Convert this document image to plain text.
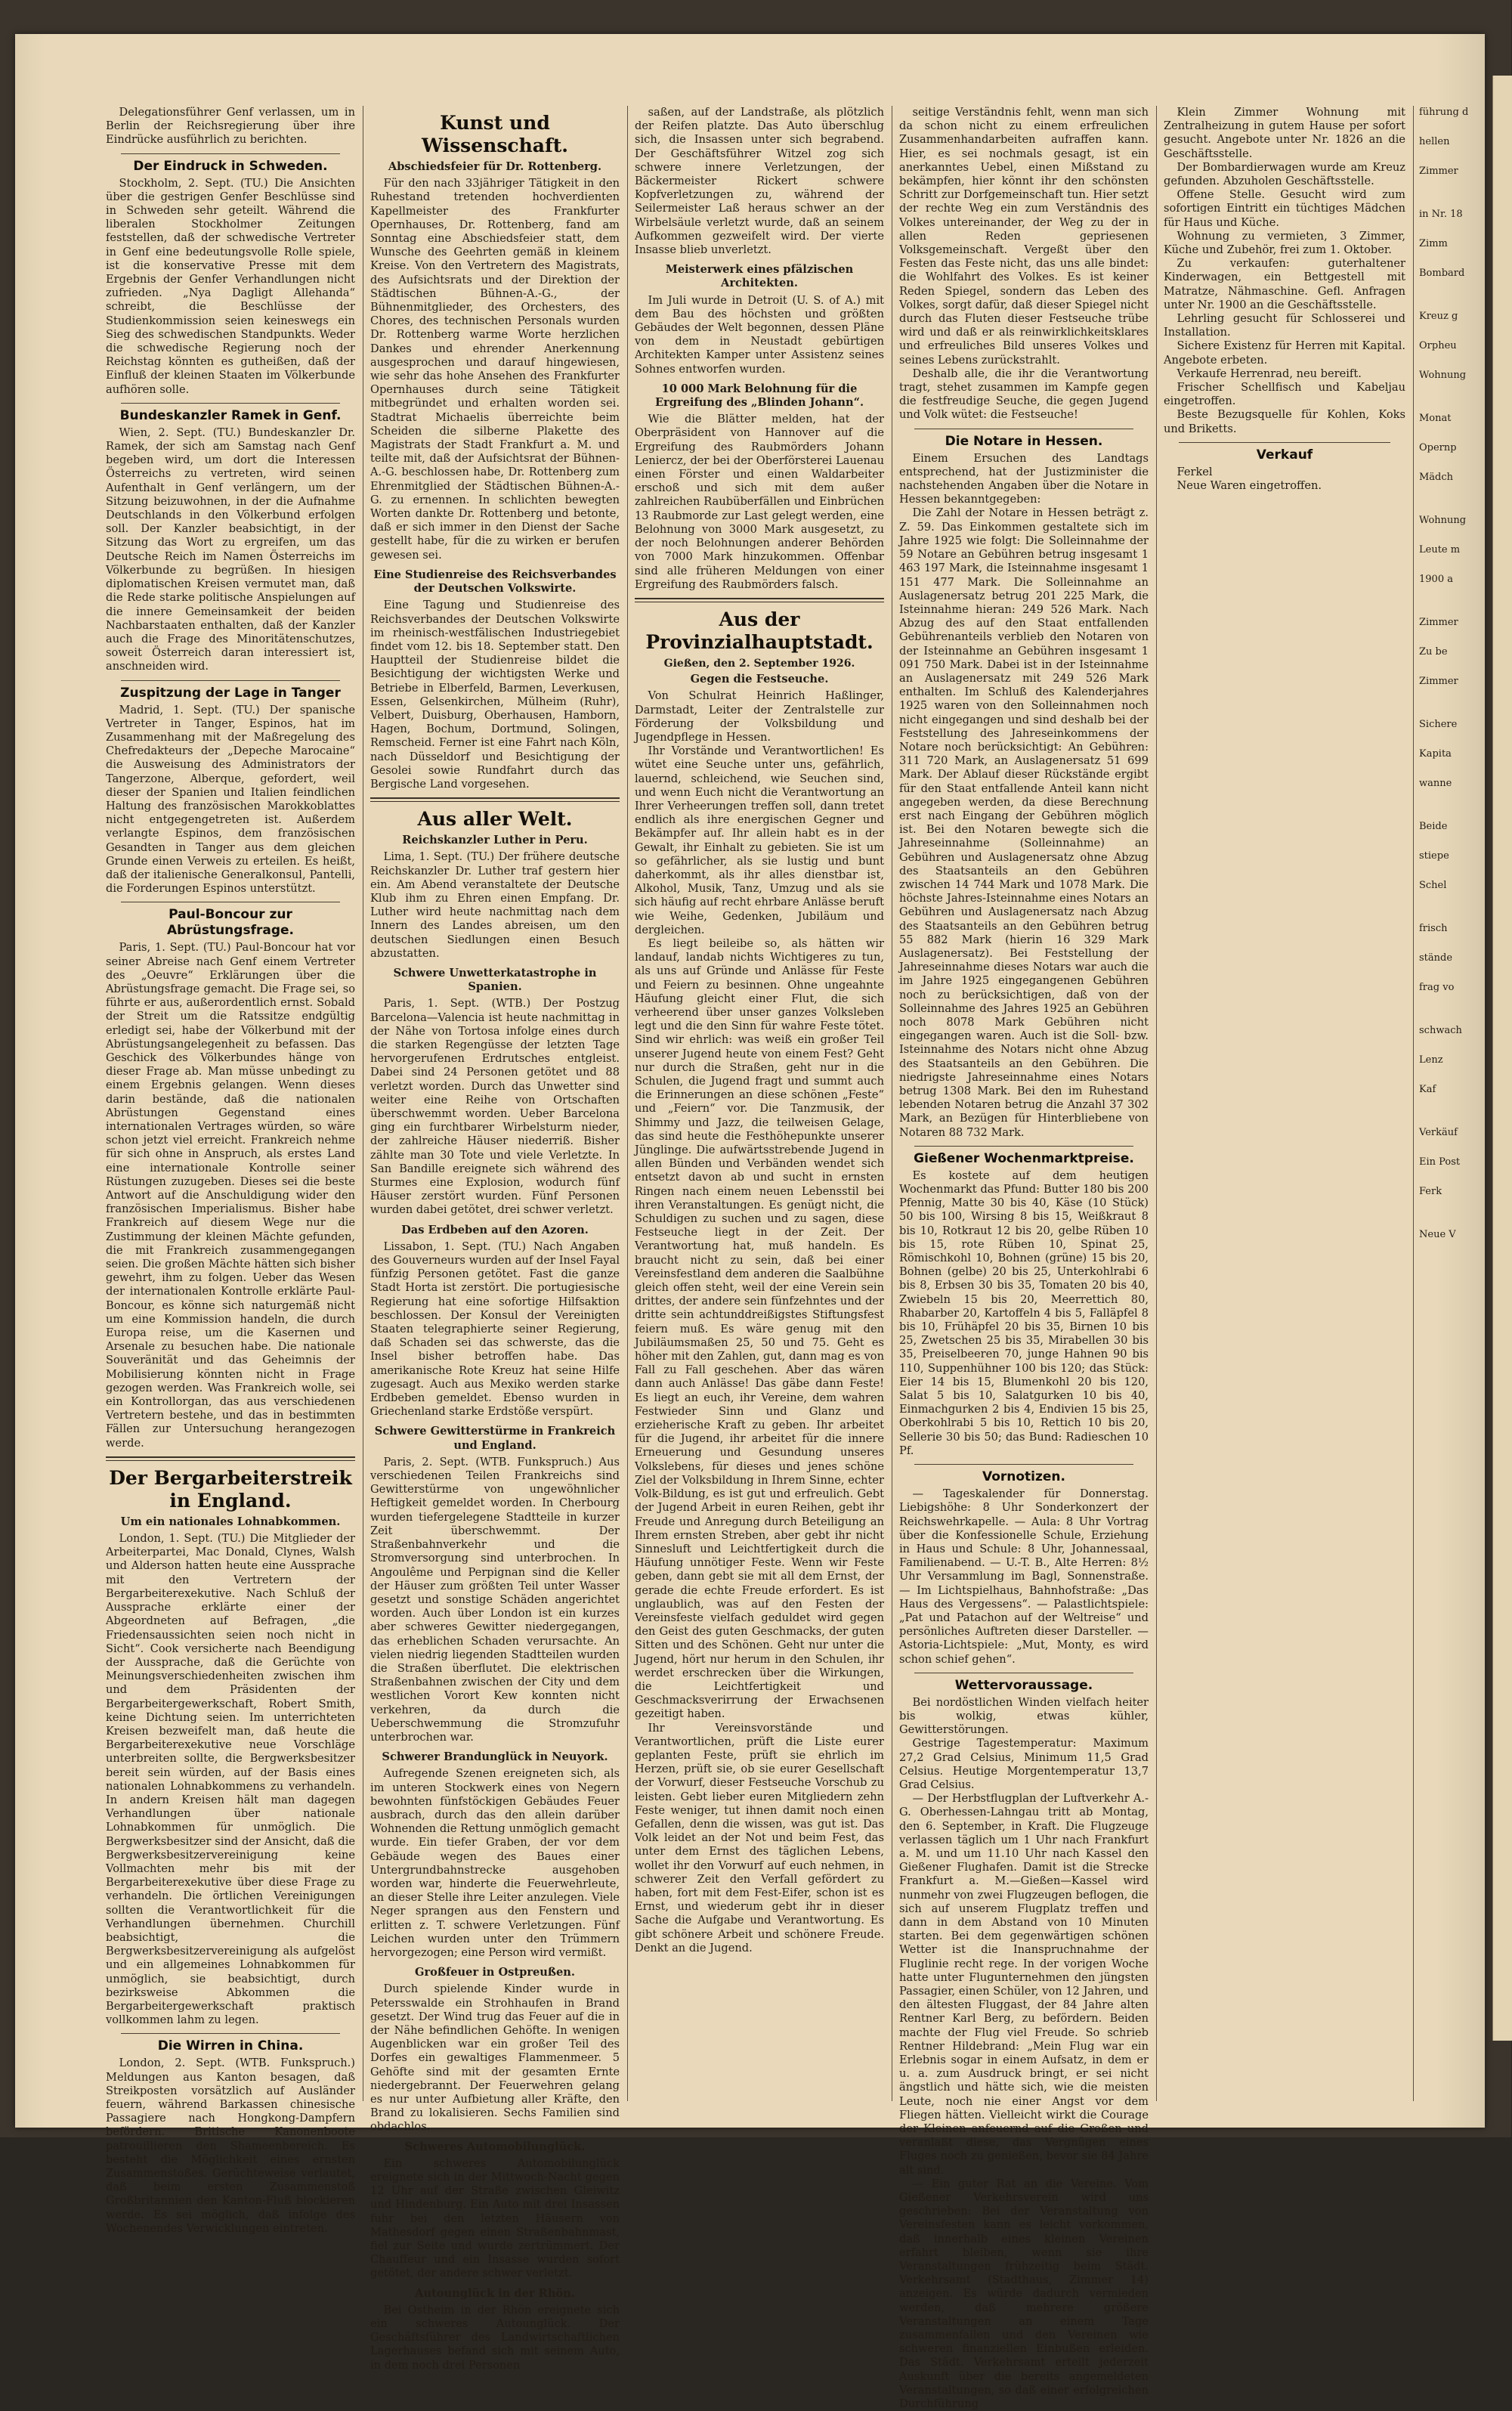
Delegationsführer Genf verlassen, um in Berlin der Reichsregierung über ihre Eindrücke ausführlich zu berichten.

Der Eindruck in Schweden.

Stockholm, 2. Sept. (TU.) Die Ansichten über die gestrigen Genfer Beschlüsse sind in Schweden sehr geteilt. Während die liberalen Stockholmer Zeitungen feststellen, daß der schwedische Vertreter in Genf eine bedeutungsvolle Rolle spiele, ist die konservative Presse mit dem Ergebnis der Genfer Verhandlungen nicht zufrieden. „Nya Dagligt Allehanda“ schreibt, die Beschlüsse der Studienkommission seien keineswegs ein Sieg des schwedischen Standpunkts. Weder die schwedische Regierung noch der Reichstag könnten es gutheißen, daß der Einfluß der kleinen Staaten im Völkerbunde aufhören solle.

Bundeskanzler Ramek in Genf.

Wien, 2. Sept. (TU.) Bundeskanzler Dr. Ramek, der sich am Samstag nach Genf begeben wird, um dort die Interessen Österreichs zu vertreten, wird seinen Aufenthalt in Genf verlängern, um der Sitzung beizuwohnen, in der die Aufnahme Deutschlands in den Völkerbund erfolgen soll. Der Kanzler beabsichtigt, in der Sitzung das Wort zu ergreifen, um das Deutsche Reich im Namen Österreichs im Völkerbunde zu begrüßen. In hiesigen diplomatischen Kreisen vermutet man, daß die Rede starke politische Anspielungen auf die innere Gemeinsamkeit der beiden Nachbarstaaten enthalten, daß der Kanzler auch die Frage des Minoritätenschutzes, soweit Österreich daran interessiert ist, anschneiden wird.

Zuspitzung der Lage in Tanger

Madrid, 1. Sept. (TU.) Der spanische Vertreter in Tanger, Espinos, hat im Zusammenhang mit der Maßregelung des Chefredakteurs der „Depeche Marocaine“ die Ausweisung des Administrators der Tangerzone, Alberque, gefordert, weil dieser der Spanien und Italien feindlichen Haltung des französischen Marokkoblattes nicht entgegengetreten ist. Außerdem verlangte Espinos, dem französischen Gesandten in Tanger aus dem gleichen Grunde einen Verweis zu erteilen. Es heißt, daß der italienische Generalkonsul, Pantelli, die Forderungen Espinos unterstützt.

Paul-Boncour zur Abrüstungsfrage.

Paris, 1. Sept. (TU.) Paul-Boncour hat vor seiner Abreise nach Genf einem Vertreter des „Oeuvre“ Erklärungen über die Abrüstungsfrage gemacht. Die Frage sei, so führte er aus, außerordentlich ernst. Sobald der Streit um die Ratssitze endgültig erledigt sei, habe der Völkerbund mit der Abrüstungsangelegenheit zu befassen. Das Geschick des Völkerbundes hänge von dieser Frage ab. Man müsse unbedingt zu einem Ergebnis gelangen. Wenn dieses darin bestände, daß die nationalen Abrüstungen Gegenstand eines internationalen Vertrages würden, so wäre schon jetzt viel erreicht. Frankreich nehme für sich ohne in Anspruch, als erstes Land eine internationale Kontrolle seiner Rüstungen zuzugeben. Dieses sei die beste Antwort auf die Anschuldigung wider den französischen Imperialismus. Bisher habe Frankreich auf diesem Wege nur die Zustimmung der kleinen Mächte gefunden, die mit Frankreich zusammengegangen seien. Die großen Mächte hätten sich bisher gewehrt, ihm zu folgen. Ueber das Wesen der internationalen Kontrolle erklärte Paul-Boncour, es könne sich naturgemäß nicht um eine Kommission handeln, die durch Europa reise, um die Kasernen und Arsenale zu besuchen habe. Die nationale Souveränität und das Geheimnis der Mobilisierung könnten nicht in Frage gezogen werden. Was Frankreich wolle, sei ein Kontrollorgan, das aus verschiedenen Vertretern bestehe, und das in bestimmten Fällen zur Untersuchung herangezogen werde.

Der Bergarbeiterstreik in England.
Um ein nationales Lohnabkommen.

London, 1. Sept. (TU.) Die Mitglieder der Arbeiterpartei, Mac Donald, Clynes, Walsh und Alderson hatten heute eine Aussprache mit den Vertretern der Bergarbeiterexekutive. Nach Schluß der Aussprache erklärte einer der Abgeordneten auf Befragen, „die Friedensaussichten seien noch nicht in Sicht“. Cook versicherte nach Beendigung der Aussprache, daß die Gerüchte von Meinungsverschiedenheiten zwischen ihm und dem Präsidenten der Bergarbeitergewerkschaft, Robert Smith, keine Dichtung seien. Im unterrichteten Kreisen bezweifelt man, daß heute die Bergarbeiterexekutive neue Vorschläge unterbreiten sollte, die Bergwerksbesitzer bereit sein würden, auf der Basis eines nationalen Lohnabkommens zu verhandeln. In andern Kreisen hält man dagegen Verhandlungen über nationale Lohnabkommen für unmöglich. Die Bergwerksbesitzer sind der Ansicht, daß die Bergwerksbesitzervereinigung keine Vollmachten mehr bis mit der Bergarbeiterexekutive über diese Frage zu verhandeln. Die örtlichen Vereinigungen sollten die Verantwortlichkeit für die Verhandlungen übernehmen. Churchill beabsichtigt, die Bergwerksbesitzervereinigung als aufgelöst und ein allgemeines Lohnabkommen für unmöglich, sie beabsichtigt, durch bezirksweise Abkommen die Bergarbeitergewerkschaft praktisch vollkommen lahm zu legen.

Die Wirren in China.

London, 2. Sept. (WTB. Funkspruch.) Meldungen aus Kanton besagen, daß Streikposten vorsätzlich auf Ausländer feuern, während Barkassen chinesische Passagiere nach Hongkong-Dampfern befördern. Britische Kanonenboote patrouillieren den Shameenbereich. Es besteht die Möglichkeit eines ernsten Zusammenstoßes. Gerüchteweise verlautet, daß beim ersten Zusammenstoß Großbritannien den Kanton-Fluß blockieren werde. Es sei möglich, daß infolge des Wochenendes Verwicklungen eintreten.

Kunst und Wissenschaft.
Abschiedsfeier für Dr. Rottenberg.

Für den nach 33jähriger Tätigkeit in den Ruhestand tretenden hochverdienten Kapellmeister des Frankfurter Opernhauses, Dr. Rottenberg, fand am Sonntag eine Abschiedsfeier statt, dem Wunsche des Geehrten gemäß in kleinem Kreise. Von den Vertretern des Magistrats, des Aufsichtsrats und der Direktion der Städtischen Bühnen-A.-G., der Bühnenmitglieder, des Orchesters, des Chores, des technischen Personals wurden Dr. Rottenberg warme Worte herzlichen Dankes und ehrender Anerkennung ausgesprochen und darauf hingewiesen, wie sehr das hohe Ansehen des Frankfurter Opernhauses durch seine Tätigkeit mitbegründet und erhalten worden sei. Stadtrat Michaelis überreichte beim Scheiden die silberne Plakette des Magistrats der Stadt Frankfurt a. M. und teilte mit, daß der Aufsichtsrat der Bühnen-A.-G. beschlossen habe, Dr. Rottenberg zum Ehrenmitglied der Städtischen Bühnen-A.-G. zu ernennen. In schlichten bewegten Worten dankte Dr. Rottenberg und betonte, daß er sich immer in den Dienst der Sache gestellt habe, für die zu wirken er berufen gewesen sei.

Eine Studienreise des Reichsverbandes der Deutschen Volkswirte.

Eine Tagung und Studienreise des Reichsverbandes der Deutschen Volkswirte im rheinisch-westfälischen Industriegebiet findet vom 12. bis 18. September statt. Den Hauptteil der Studienreise bildet die Besichtigung der wichtigsten Werke und Betriebe in Elberfeld, Barmen, Leverkusen, Essen, Gelsenkirchen, Mülheim (Ruhr), Velbert, Duisburg, Oberhausen, Hamborn, Hagen, Bochum, Dortmund, Solingen, Remscheid. Ferner ist eine Fahrt nach Köln, nach Düsseldorf und Besichtigung der Gesolei sowie Rundfahrt durch das Bergische Land vorgesehen.

Aus aller Welt.
Reichskanzler Luther in Peru.

Lima, 1. Sept. (TU.) Der frühere deutsche Reichskanzler Dr. Luther traf gestern hier ein. Am Abend veranstaltete der Deutsche Klub ihm zu Ehren einen Empfang. Dr. Luther wird heute nachmittag nach dem Innern des Landes abreisen, um den deutschen Siedlungen einen Besuch abzustatten.

Schwere Unwetterkatastrophe in Spanien.

Paris, 1. Sept. (WTB.) Der Postzug Barcelona—Valencia ist heute nachmittag in der Nähe von Tortosa infolge eines durch die starken Regengüsse der letzten Tage hervorgerufenen Erdrutsches entgleist. Dabei sind 24 Personen getötet und 88 verletzt worden. Durch das Unwetter sind weiter eine Reihe von Ortschaften überschwemmt worden. Ueber Barcelona ging ein furchtbarer Wirbelsturm nieder, der zahlreiche Häuser niederriß. Bisher zählte man 30 Tote und viele Verletzte. In San Bandille ereignete sich während des Sturmes eine Explosion, wodurch fünf Häuser zerstört wurden. Fünf Personen wurden dabei getötet, drei schwer verletzt.

Das Erdbeben auf den Azoren.

Lissabon, 1. Sept. (TU.) Nach Angaben des Gouverneurs wurden auf der Insel Fayal fünfzig Personen getötet. Fast die ganze Stadt Horta ist zerstört. Die portugiesische Regierung hat eine sofortige Hilfsaktion beschlossen. Der Konsul der Vereinigten Staaten telegraphierte seiner Regierung, daß Schaden sei das schwerste, das die Insel bisher betroffen habe. Das amerikanische Rote Kreuz hat seine Hilfe zugesagt. Auch aus Mexiko werden starke Erdbeben gemeldet. Ebenso wurden in Griechenland starke Erdstöße verspürt.

Schwere Gewitterstürme in Frankreich und England.

Paris, 2. Sept. (WTB. Funkspruch.) Aus verschiedenen Teilen Frankreichs sind Gewitterstürme von ungewöhnlicher Heftigkeit gemeldet worden. In Cherbourg wurden tiefergelegene Stadtteile in kurzer Zeit überschwemmt. Der Straßenbahnverkehr und die Stromversorgung sind unterbrochen. In Angoulême und Perpignan sind die Keller der Häuser zum größten Teil unter Wasser gesetzt und sonstige Schäden angerichtet worden. Auch über London ist ein kurzes aber schweres Gewitter niedergegangen, das erheblichen Schaden verursachte. An vielen niedrig liegenden Stadtteilen wurden die Straßen überflutet. Die elektrischen Straßenbahnen zwischen der City und dem westlichen Vorort Kew konnten nicht verkehren, da durch die Ueberschwemmung die Stromzufuhr unterbrochen war.

Schwerer Brandunglück in Neuyork.

Aufregende Szenen ereigneten sich, als im unteren Stockwerk eines von Negern bewohnten fünfstöckigen Gebäudes Feuer ausbrach, durch das den allein darüber Wohnenden die Rettung unmöglich gemacht wurde. Ein tiefer Graben, der vor dem Gebäude wegen des Baues einer Untergrundbahnstrecke ausgehoben worden war, hinderte die Feuerwehrleute, an dieser Stelle ihre Leiter anzulegen. Viele Neger sprangen aus den Fenstern und erlitten z. T. schwere Verletzungen. Fünf Leichen wurden unter den Trümmern hervorgezogen; eine Person wird vermißt.

Großfeuer in Ostpreußen.

Durch spielende Kinder wurde in Petersswalde ein Strohhaufen in Brand gesetzt. Der Wind trug das Feuer auf die in der Nähe befindlichen Gehöfte. In wenigen Augenblicken war ein großer Teil des Dorfes ein gewaltiges Flammenmeer. 5 Gehöfte sind mit der gesamten Ernte niedergebrannt. Der Feuerwehren gelang es nur unter Aufbietung aller Kräfte, den Brand zu lokalisieren. Sechs Familien sind obdachlos.

Schweres Automobilunglück.

Ein schweres Automobilunglück ereignete sich in der Mittwoch-Nacht gegen 12 Uhr auf der Straße zwischen Gleiwitz und Hindenburg. Ein Auto mit drei Insassen fuhr bei den letzten Häusern von Mathesdorf gegen einen Straßenbahnmast, fiel zur Seite und wurde zertrümmert. Der Chauffeur und ein Insasse wurden sofort getötet, der andere schwer verletzt.

Autounglück in der Rhön.

Bei Ostheim in der Rhön ereignete sich ein schweres Autounglück. Der Geschäftsführer des Landwirtschaftlichen Lagerhauses befand sich mit seinem Auto, in dem noch drei Personen

saßen, auf der Landstraße, als plötzlich der Reifen platzte. Das Auto überschlug sich, die Insassen unter sich begrabend. Der Geschäftsführer Witzel zog sich schwere innere Verletzungen, der Bäckermeister Rickert schwere Kopfverletzungen zu, während der Seilermeister Laß heraus schwer an der Wirbelsäule verletzt wurde, daß an seinem Aufkommen gezweifelt wird. Der vierte Insasse blieb unverletzt.

Meisterwerk eines pfälzischen Architekten.

Im Juli wurde in Detroit (U. S. of A.) mit dem Bau des höchsten und größten Gebäudes der Welt begonnen, dessen Pläne von dem in Neustadt gebürtigen Architekten Kamper unter Assistenz seines Sohnes entworfen wurden.

10 000 Mark Belohnung für die Ergreifung des „Blinden Johann“.

Wie die Blätter melden, hat der Oberpräsident von Hannover auf die Ergreifung des Raubmörders Johann Leniercz, der bei der Oberförsterei Lauenau einen Förster und einen Waldarbeiter erschoß und sich mit dem außer zahlreichen Raubüberfällen und Einbrüchen 13 Raubmorde zur Last gelegt werden, eine Belohnung von 3000 Mark ausgesetzt, zu der noch Belohnungen anderer Behörden von 7000 Mark hinzukommen. Offenbar sind alle früheren Meldungen von einer Ergreifung des Raubmörders falsch.

Aus der Provinzialhauptstadt.
Gießen, den 2. September 1926.
Gegen die Festseuche.

Von Schulrat Heinrich Haßlinger, Darmstadt, Leiter der Zentralstelle zur Förderung der Volksbildung und Jugendpflege in Hessen.

Ihr Vorstände und Verantwortlichen! Es wütet eine Seuche unter uns, gefährlich, lauernd, schleichend, wie Seuchen sind, und wenn Euch nicht die Verantwortung an Ihrer Verheerungen treffen soll, dann tretet endlich als ihre energischen Gegner und Bekämpfer auf. Ihr allein habt es in der Gewalt, ihr Einhalt zu gebieten. Sie ist um so gefährlicher, als sie lustig und bunt daherkommt, als ihr alles dienstbar ist, Alkohol, Musik, Tanz, Umzug und als sie sich häufig auf recht ehrbare Anlässe beruft wie Weihe, Gedenken, Jubiläum und dergleichen.

Es liegt beileibe so, als hätten wir landauf, landab nichts Wichtigeres zu tun, als uns auf Gründe und Anlässe für Feste und Feiern zu besinnen. Ohne ungeahnte Häufung gleicht einer Flut, die sich verheerend über unser ganzes Volksleben legt und die den Sinn für wahre Feste tötet. Sind wir ehrlich: was weiß ein großer Teil unserer Jugend heute von einem Fest? Geht nur durch die Straßen, geht nur in die Schulen, die Jugend fragt und summt auch die Erinnerungen an diese schönen „Feste“ und „Feiern“ vor. Die Tanzmusik, der Shimmy und Jazz, die teilweisen Gelage, das sind heute die Festhöhepunkte unserer Jünglinge. Die aufwärtsstrebende Jugend in allen Bünden und Verbänden wendet sich entsetzt davon ab und sucht in ernsten Ringen nach einem neuen Lebensstil bei ihren Veranstaltungen. Es genügt nicht, die Schuldigen zu suchen und zu sagen, diese Festseuche liegt in der Zeit. Der Verantwortung hat, muß handeln. Es braucht nicht zu sein, daß bei einer Vereinsfestland dem anderen die Saalbühne gleich offen steht, weil der eine Verein sein drittes, der andere sein fünfzehntes und der dritte sein achtunddreißigstes Stiftungsfest feiern muß. Es wäre genug mit den Jubiläumsmaßen 25, 50 und 75. Geht es höher mit den Zahlen, gut, dann mag es von Fall zu Fall geschehen. Aber das wären dann auch Anlässe! Das gäbe dann Feste! Es liegt an euch, ihr Vereine, dem wahren Festwieder Sinn und Glanz und erzieherische Kraft zu geben. Ihr arbeitet für die Jugend, ihr arbeitet für die innere Erneuerung und Gesundung unseres Volkslebens, für dieses und jenes schöne Ziel der Volksbildung in Ihrem Sinne, echter Volk-Bildung, es ist gut und erfreulich. Gebt der Jugend Arbeit in euren Reihen, gebt ihr Freude und Anregung durch Beteiligung an Ihrem ernsten Streben, aber gebt ihr nicht Sinnesluft und Leichtfertigkeit durch die Häufung unnötiger Feste. Wenn wir Feste geben, dann gebt sie mit all dem Ernst, der gerade die echte Freude erfordert. Es ist unglaublich, was auf den Festen der Vereinsfeste vielfach geduldet wird gegen den Geist des guten Geschmacks, der guten Sitten und des Schönen. Geht nur unter die Jugend, hört nur herum in den Schulen, ihr werdet erschrecken über die Wirkungen, die Leichtfertigkeit und Geschmacksverirrung der Erwachsenen gezeitigt haben.

Ihr Vereinsvorstände und Verantwortlichen, prüft die Liste eurer geplanten Feste, prüft sie ehrlich im Herzen, prüft sie, ob sie eurer Gesellschaft der Vorwurf, dieser Festseuche Vorschub zu leisten. Gebt lieber euren Mitgliedern zehn Feste weniger, tut ihnen damit noch einen Gefallen, denn die wissen, was gut ist. Das Volk leidet an der Not und beim Fest, das unter dem Ernst des täglichen Lebens, wollet ihr den Vorwurf auf euch nehmen, in schwerer Zeit den Verfall gefördert zu haben, fort mit dem Fest-Eifer, schon ist es Ernst, und wiederum gebt ihr in dieser Sache die Aufgabe und Verantwortung. Es gibt schönere Arbeit und schönere Freude. Denkt an die Jugend.

seitige Verständnis fehlt, wenn man sich da schon nicht zu einem erfreulichen Zusammenhandarbeiten aufraffen kann. Hier, es sei nochmals gesagt, ist ein anerkanntes Uebel, einen Mißstand zu bekämpfen, hier könnt ihr den schönsten Schritt zur Dorfgemeinschaft tun. Hier setzt der rechte Weg ein zum Verständnis des Volkes untereinander, der Weg zu der in allen Reden gepriesenen Volksgemeinschaft. Vergeßt über den Festen das Feste nicht, das uns alle bindet: die Wohlfahrt des Volkes. Es ist keiner Reden Spiegel, sondern das Leben des Volkes, sorgt dafür, daß dieser Spiegel nicht durch das Fluten dieser Festseuche trübe wird und daß er als reinwirklichkeitsklares und erfreuliches Bild unseres Volkes und seines Lebens zurückstrahlt.

Deshalb alle, die ihr die Verantwortung tragt, stehet zusammen im Kampfe gegen die festfreudige Seuche, die gegen Jugend und Volk wütet: die Festseuche!

Die Notare in Hessen.

Einem Ersuchen des Landtags entsprechend, hat der Justizminister die nachstehenden Angaben über die Notare in Hessen bekanntgegeben:

Die Zahl der Notare in Hessen beträgt z. Z. 59. Das Einkommen gestaltete sich im Jahre 1925 wie folgt: Die Solleinnahme der 59 Notare an Gebühren betrug insgesamt 1 463 197 Mark, die Isteinnahme insgesamt 1 151 477 Mark. Die Solleinnahme an Auslagenersatz betrug 201 225 Mark, die Isteinnahme hieran: 249 526 Mark. Nach Abzug des auf den Staat entfallenden Gebührenanteils verblieb den Notaren von der Isteinnahme an Gebühren insgesamt 1 091 750 Mark. Dabei ist in der Isteinnahme an Auslagenersatz mit 249 526 Mark enthalten. Im Schluß des Kalenderjahres 1925 waren von den Solleinnahmen noch nicht eingegangen und sind deshalb bei der Feststellung des Jahreseinkommens der Notare noch berücksichtigt: An Gebühren: 311 720 Mark, an Auslagenersatz 51 699 Mark. Der Ablauf dieser Rückstände ergibt für den Staat entfallende Anteil kann nicht angegeben werden, da diese Berechnung erst nach Eingang der Gebühren möglich ist. Bei den Notaren bewegte sich die Jahreseinnahme (Solleinnahme) an Gebühren und Auslagenersatz ohne Abzug des Staatsanteils an den Gebühren zwischen 14 744 Mark und 1078 Mark. Die höchste Jahres-Isteinnahme eines Notars an Gebühren und Auslagenersatz nach Abzug des Staatsanteils an den Gebühren betrug 55 882 Mark (hierin 16 329 Mark Auslagenersatz). Bei Feststellung der Jahreseinnahme dieses Notars war auch die im Jahre 1925 eingegangenen Gebühren noch zu berücksichtigen, daß von der Solleinnahme des Jahres 1925 an Gebühren noch 8078 Mark Gebühren nicht eingegangen waren. Auch ist die Soll- bzw. Isteinnahme des Notars nicht ohne Abzug des Staatsanteils an den Gebühren. Die niedrigste Jahreseinnahme eines Notars betrug 1308 Mark. Bei den im Ruhestand lebenden Notaren betrug die Anzahl 37 302 Mark, an Bezügen für Hinterbliebene von Notaren 88 732 Mark.

Gießener Wochenmarktpreise.

Es kostete auf dem heutigen Wochenmarkt das Pfund: Butter 180 bis 200 Pfennig, Matte 30 bis 40, Käse (10 Stück) 50 bis 100, Wirsing 8 bis 15, Weißkraut 8 bis 10, Rotkraut 12 bis 20, gelbe Rüben 10 bis 15, rote Rüben 10, Spinat 25, Römischkohl 10, Bohnen (grüne) 15 bis 20, Bohnen (gelbe) 20 bis 25, Unterkohlrabi 6 bis 8, Erbsen 30 bis 35, Tomaten 20 bis 40, Zwiebeln 15 bis 20, Meerrettich 80, Rhabarber 20, Kartoffeln 4 bis 5, Falläpfel 8 bis 10, Frühäpfel 20 bis 35, Birnen 10 bis 25, Zwetschen 25 bis 35, Mirabellen 30 bis 35, Preiselbeeren 70, junge Hahnen 90 bis 110, Suppenhühner 100 bis 120; das Stück: Eier 14 bis 15, Blumenkohl 20 bis 120, Salat 5 bis 10, Salatgurken 10 bis 40, Einmachgurken 2 bis 4, Endivien 15 bis 25, Oberkohlrabi 5 bis 10, Rettich 10 bis 20, Sellerie 30 bis 50; das Bund: Radieschen 10 Pf.

Vornotizen.

— Tageskalender für Donnerstag. Liebigshöhe: 8 Uhr Sonderkonzert der Reichswehrkapelle. — Aula: 8 Uhr Vortrag über die Konfessionelle Schule, Erziehung in Haus und Schule: 8 Uhr, Johannessaal, Familienabend. — U.-T. B., Alte Herren: 8½ Uhr Versammlung im Bagl, Sonnenstraße. — Im Lichtspielhaus, Bahnhofstraße: „Das Haus des Vergessens“. — Palastlichtspiele: „Pat und Patachon auf der Weltreise“ und persönliches Auftreten dieser Darsteller. — Astoria-Lichtspiele: „Mut, Monty, es wird schon schief gehen“.

Wettervoraussage.

Bei nordöstlichen Winden vielfach heiter bis wolkig, etwas kühler, Gewitterstörungen.

Gestrige Tagestemperatur: Maximum 27,2 Grad Celsius, Minimum 11,5 Grad Celsius. Heutige Morgentemperatur 13,7 Grad Celsius.

— Der Herbstflugplan der Luftverkehr A.-G. Oberhessen-Lahngau tritt ab Montag, den 6. September, in Kraft. Die Flugzeuge verlassen täglich um 1 Uhr nach Frankfurt a. M. und um 11.10 Uhr nach Kassel den Gießener Flughafen. Damit ist die Strecke Frankfurt a. M.—Gießen—Kassel wird nunmehr von zwei Flugzeugen beflogen, die sich auf unserem Flugplatz treffen und dann in dem Abstand von 10 Minuten starten. Bei dem gegenwärtigen schönen Wetter ist die Inanspruchnahme der Fluglinie recht rege. In der vorigen Woche hatte unter Flugunternehmen den jüngsten Passagier, einen Schüler, von 12 Jahren, und den ältesten Fluggast, der 84 Jahre alten Rentner Karl Berg, zu befördern. Beiden machte der Flug viel Freude. So schrieb Rentner Hildebrand: „Mein Flug war ein Erlebnis sogar in einem Aufsatz, in dem er u. a. zum Ausdruck bringt, er sei nicht ängstlich und hätte sich, wie die meisten Leute, noch nie einer Angst vor dem Fliegen hätten. Vielleicht wirkt die Courage der Kleinen anfeuernd auf die Großen und veranlaßt diese, das Vergnügen eines Fluges noch zu genießen, bevor sie 84 Jahre alt sind.

— Ein guter Rat an die Vereine. Vom Gießener Verkehrsverein wird uns geschrieben: Bei der Veranstaltung von Vereinsfesten kann es leicht vorkommen, daß innerhalb eines kleinen Vereinen erfahrt bleiben, wenn sie ihre Veranstaltungen frühzeitig beim Städt. Verkehrsamt (Stadthaus, Zimmer 14) anzeigen. Es würde dadurch vermieden werden, daß mehrere größere Veranstaltungen an einem Tage zusammenfallen und den Vereinen wie schweren finanziellen Einbußen erleiden. Das Städt. Verkehrsamt erteilt jederzeit Auskunft über die bereits angemeldeten Veranstaltungen, so daß einer erfolgreichen Durchführung

Klein Zimmer Wohnung mit Zentralheizung in gutem Hause per sofort gesucht. Angebote unter Nr. 1826 an die Geschäftsstelle.

Der Bombardierwagen wurde am Kreuz gefunden. Abzuholen Geschäftsstelle.

Offene Stelle. Gesucht wird zum sofortigen Eintritt ein tüchtiges Mädchen für Haus und Küche.

Wohnung zu vermieten, 3 Zimmer, Küche und Zubehör, frei zum 1. Oktober.

Zu verkaufen: guterhaltener Kinderwagen, ein Bettgestell mit Matratze, Nähmaschine. Gefl. Anfragen unter Nr. 1900 an die Geschäftsstelle.

Lehrling gesucht für Schlosserei und Installation.

Sichere Existenz für Herren mit Kapital. Angebote erbeten.

Verkaufe Herrenrad, neu bereift.

Frischer Schellfisch und Kabeljau eingetroffen.

Beste Bezugsquelle für Kohlen, Koks und Briketts.

Verkauf

Ferkel

Neue Waren eingetroffen.

führung d
hellen
Zimmer
in Nr. 18
Zimm
Bombard
Kreuz g
Orpheu
Wohnung
Monat
Opernp
Mädch
Wohnung
Leute m
1900 a
Zimmer
Zu be
Zimmer
Sichere
Kapita
wanne
Beide
stiepe
Schel
frisch
stände
frag vo
schwach
Lenz
Kaf
Verkäuf
Ein Post
Ferk
Neue V
